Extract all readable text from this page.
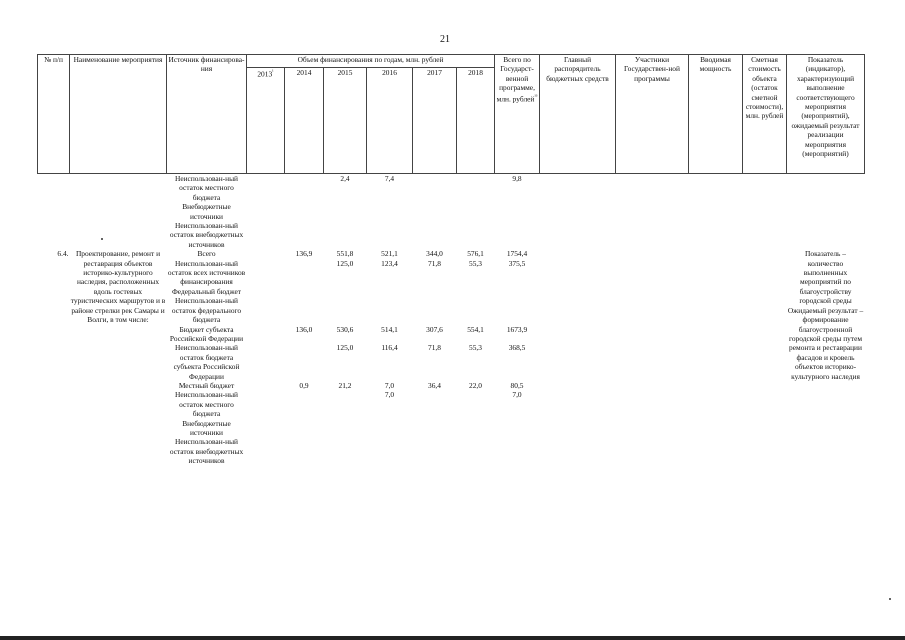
21
№ п/п	Наименование мероприятия	Источник финансирова-ния	Объем финансирования по годам, млн. рублей						Всего по Государст-венной программе, млн. рублей$^{^{13}}$	Главный распорядитель бюджетных средств	Участники Государствен-ной программы	Вводимая мощность	Сметная стоимость объекта (остаток сметной стоимости), млн. рублей	Показатель (индикатор), характеризующий выполнение соответствующего мероприятия (мероприятий), ожидаемый результат реализации мероприятия (мероприятий)
			$2013^{^1}$	2014	2015	2016	2017	2018						
		Неиспользован-ный остаток местного бюджета			2,4	7,4			9,8					
		Внебюджетные источники												
		Неиспользован-ный остаток внебюджетных источников												
6.4.	Проектирование, ремонт и реставрация объектов историко-культурного наследия, расположенных вдоль гостевых туристических маршрутов и в районе стрелки рек Самары и Волги, в том числе:	Всего		136,9	551,8	521,1	344,0	576,1	1754,4					Показатель – количество выполненных мероприятий по благоустройству городской среды Ожидаемый результат – формирование благоустроенной городской среды путем ремонта и реставрации фасадов и кровель объектов историко-культурного наследия
		Неиспользован-ный остаток всех источников финансирования			125,0	123,4	71,8	55,3	375,5					
		Федеральный бюджет												
		Неиспользован-ный остаток федерального бюджета												
		Бюджет субъекта Российской Федерации		136,0	530,6	514,1	307,6	554,1	1673,9					
		Неиспользован-ный остаток бюджета субъекта Российской Федерации			125,0	116,4	71,8	55,3	368,5					
		Местный бюджет		0,9	21,2	7,0	36,4	22,0	80,5					
		Неиспользован-ный остаток местного бюджета				7,0			7,0					
		Внебюджетные источники												
		Неиспользован-ный остаток внебюджетных источников												
